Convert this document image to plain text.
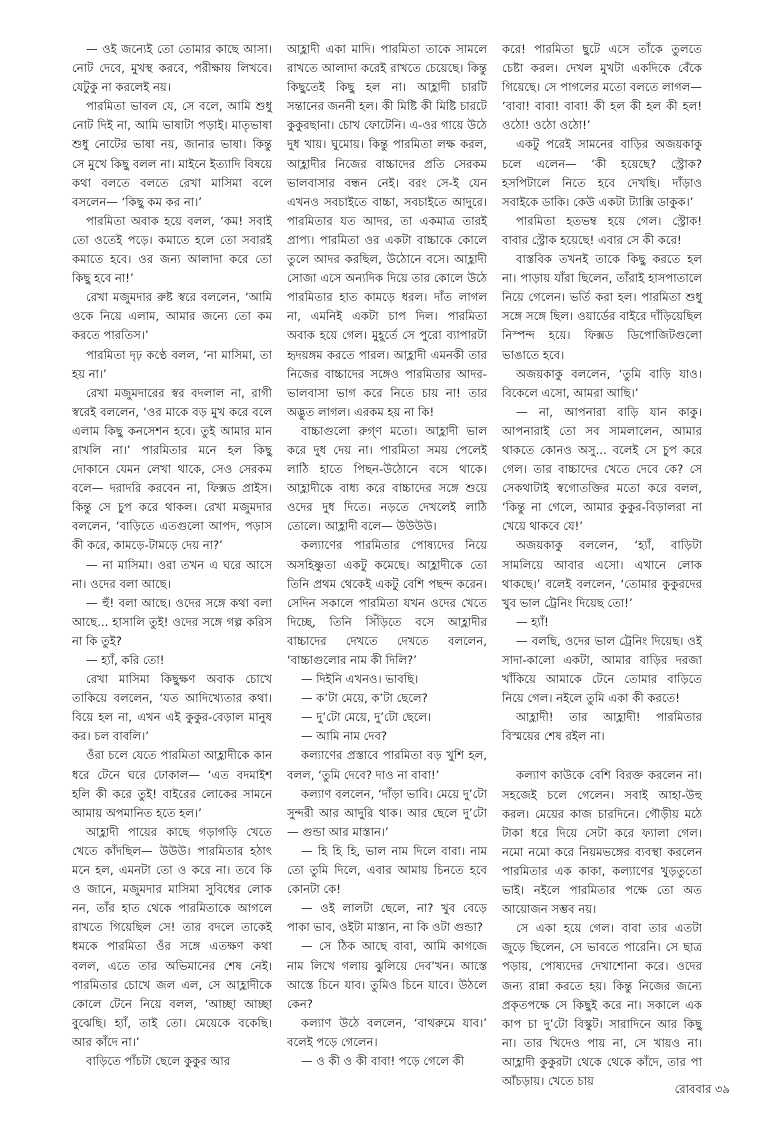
— ওই জন্যেই তো তোমার কাছে আসা। নোট দেবে, মুখস্থ করবে, পরীক্ষায় লিখবে। যেটুকু না করলেই নয়।

পারমিতা ভাবল যে, সে বলে, আমি শুধু নোট দিই না, আমি ভাষাটা পড়াই। মাতৃভাষা শুধু নোটের ভাষা নয়, জানার ভাষা। কিন্তু সে মুখে কিছু বলল না। মাইনে ইত্যাদি বিষয়ে কথা বলতে বলতে রেখা মাসিমা বলে বসলেন— ‘কিছু কম কর না।’

পারমিতা অবাক হয়ে বলল, ‘কম! সবাই তো ওতেই পড়ে। কমাতে হলে তো সবারই কমাতে হবে। ওর জন্য আলাদা করে তো কিছু হবে না!’

রেখা মজুমদার রুষ্ট স্বরে বললেন, ‘আমি ওকে নিয়ে এলাম, আমার জন্যে তো কম করতে পারতিস।’

পারমিতা দৃঢ় কণ্ঠে বলল, ‘না মাসিমা, তা হয় না।’

রেখা মজুমদারের স্বর বদলাল না, রাগী স্বরেই বললেন, ‘ওর মাকে বড় মুখ করে বলে এলাম কিছু কনসেশন হবে। তুই আমার মান রাখলি না।’ পারমিতার মনে হল কিছু দোকানে যেমন লেখা থাকে, সেও সেরকম বলে— দরাদরি করবেন না, ফিক্সড প্রাইস। কিন্তু সে চুপ করে থাকল। রেখা মজুমদার বললেন, ‘বাড়িতে এতগুলো আপদ, পড়াস কী করে, কামড়ে-টামড়ে দেয় না?’

— না মাসিমা। ওরা তখন এ ঘরে আসে না। ওদের বলা আছে।

— হুঁ! বলা আছে। ওদের সঙ্গে কথা বলা আছে... হাসালি তুই! ওদের সঙ্গে গল্প করিস না কি তুই?

— হ্যাঁ, করি তো!

রেখা মাসিমা কিছুক্ষণ অবাক চোখে তাকিয়ে বললেন, ‘যত আদিখ্যেতার কথা। বিয়ে হল না, এখন এই কুকুর-বেড়াল মানুষ কর। চল বাবলি।’

ওঁরা চলে যেতে পারমিতা আহ্লাদীকে কান ধরে টেনে ঘরে ঢোকাল— ‘এত বদমাইশ হলি কী করে তুই! বাইরের লোকের সামনে আমায় অপমানিত হতে হল।’

আহ্লাদী পায়ের কাছে গড়াগড়ি খেতে খেতে কাঁদছিল— উউউ। পারমিতার হঠাৎ মনে হল, এমনটা তো ও করে না। তবে কি ও জানে, মজুমদার মাসিমা সুবিধের লোক নন, তাঁর হাত থেকে পারমিতাকে আগলে রাখতে গিয়েছিল সে! তার বদলে তাকেই ধমকে পারমিতা ওঁর সঙ্গে এতক্ষণ কথা বলল, এতে তার অভিমানের শেষ নেই। পারমিতার চোখে জল এল, সে আহ্লাদীকে কোলে টেনে নিয়ে বলল, ‘আচ্ছা আচ্ছা বুঝেছি। হ্যাঁ, তাই তো। মেয়েকে বকেছি। আর কাঁদে না।’

বাড়িতে পাঁচটা ছেলে কুকুর আর

আহ্লাদী একা মাদি। পারমিতা তাকে সামলে রাখতে আলাদা করেই রাখতে চেয়েছে। কিন্তু কিছুতেই কিছু হল না। আহ্লাদী চারটি সন্তানের জননী হল। কী মিষ্টি কী মিষ্টি চারটে কুকুরছানা। চোখ ফোটেনি। এ-ওর গায়ে উঠে দুধ খায়। ঘুমোয়। কিন্তু পারমিতা লক্ষ করল, আহ্লাদীর নিজের বাচ্চাদের প্রতি সেরকম ভালবাসার বন্ধন নেই। বরং সে-ই যেন এখনও সবচাইতে বাচ্চা, সবচাইতে আদুরে। পারমিতার যত আদর, তা একমাত্র তারই প্রাপ্য। পারমিতা ওর একটা বাচ্চাকে কোলে তুলে আদর করছিল, উঠোনে বসে। আহ্লাদী সোজা এসে অন্যদিক দিয়ে তার কোলে উঠে পারমিতার হাত কামড়ে ধরল। দাঁত লাগল না, এমনিই একটা চাপ দিল। পারমিতা অবাক হয়ে গেল। মুহূর্তে সে পুরো ব্যাপারটা হৃদয়ঙ্গম করতে পারল। আহ্লাদী এমনকী তার নিজের বাচ্চাদের সঙ্গেও পারমিতার আদর-ভালবাসা ভাগ করে নিতে চায় না! তার অদ্ভুত লাগল। এরকম হয় না কি!

বাচ্চাগুলো রুগ্ণ মতো। আহ্লাদী ভাল করে দুধ দেয় না। পারমিতা সময় পেলেই লাঠি হাতে পিছন-উঠোনে বসে থাকে। আহ্লাদীকে বাধ্য করে বাচ্চাদের সঙ্গে শুয়ে ওদের দুধ দিতে। নড়তে দেখলেই লাঠি তোলে। আহ্লাদী বলে— উউউউ।

কল্যাণের পারমিতার পোষ্যদের নিয়ে অসহিষ্ণুতা একটু কমেছে। আহ্লাদীকে তো তিনি প্রথম থেকেই একটু বেশি পছন্দ করেন। সেদিন সকালে পারমিতা যখন ওদের খেতে দিচ্ছে, তিনি সিঁড়িতে বসে আহ্লাদীর বাচ্চাদের দেখতে দেখতে বললেন, ‘বাচ্চাগুলোর নাম কী দিলি?’

— দিইনি এখনও। ভাবছি।

— ক’টা মেয়ে, ক’টা ছেলে?

— দু’টো মেয়ে, দু’টো ছেলে।

— আমি নাম দেব?

কল্যাণের প্রস্তাবে পারমিতা বড় খুশি হল, বলল, ‘তুমি দেবে? দাও না বাবা!’

কল্যাণ বললেন, ‘দাঁড়া ভাবি। মেয়ে দু’টো সুন্দরী আর আদুরি থাক। আর ছেলে দু’টো— গুন্ডা আর মাস্তান।’

— হি হি হি, ভাল নাম দিলে বাবা। নাম তো তুমি দিলে, এবার আমায় চিনতে হবে কোনটা কে!

— ওই লালটা ছেলে, না? খুব বেড়ে পাকা ভাব, ওইটা মাস্তান, না কি ওটা গুন্ডা?

— সে ঠিক আছে বাবা, আমি কাগজে নাম লিখে গলায় ঝুলিয়ে দেব’খন। আস্তে আস্তে চিনে যাব। তুমিও চিনে যাবে। উঠলে কেন?

কল্যাণ উঠে বললেন, ‘বাথরুমে যাব।’ বলেই পড়ে গেলেন।

— ও কী ও কী বাবা! পড়ে গেলে কী

করে! পারমিতা ছুটে এসে তাঁকে তুলতে চেষ্টা করল। দেখল মুখটা একদিকে বেঁকে গিয়েছে। সে পাগলের মতো বলতে লাগল— ‘বাবা! বাবা! বাবা! কী হল কী হল কী হল! ওঠো! ওঠো ওঠো!’

একটু পরেই সামনের বাড়ির অজয়কাকু চলে এলেন— ‘কী হয়েছে? স্ট্রোক? হসপিটালে নিতে হবে দেখছি। দাঁড়াও সবাইকে ডাকি। কেউ একটা ট্যাক্সি ডাকুক।’

পারমিতা হতভম্ব হয়ে গেল। স্ট্রোক! বাবার স্ট্রোক হয়েছে! এবার সে কী করে!

বাস্তবিক তখনই তাকে কিছু করতে হল না। পাড়ায় যাঁরা ছিলেন, তাঁরাই হাসপাতালে নিয়ে গেলেন। ভর্তি করা হল। পারমিতা শুধু সঙ্গে সঙ্গে ছিল। ওয়ার্ডের বাইরে দাঁড়িয়েছিল নিস্পন্দ হয়ে। ফিক্সড ডিপোজিটগুলো ভাঙাতে হবে।

অজয়কাকু বললেন, ‘তুমি বাড়ি যাও। বিকেলে এসো, আমরা আছি।’

— না, আপনারা বাড়ি যান কাকু। আপনারাই তো সব সামলালেন, আমার থাকতে কোনও অসু... বলেই সে চুপ করে গেল। তার বাচ্চাদের খেতে দেবে কে? সে সেকথাটাই স্বগোতক্তির মতো করে বলল, ‘কিন্তু না গেলে, আমার কুকুর-বিড়ালরা না খেয়ে থাকবে যে!’

অজয়কাকু বললেন, ‘হ্যাঁ, বাড়িটা সামলিয়ে আবার এসো। এখানে লোক থাকছে।’ বলেই বললেন, ‘তোমার কুকুরদের খুব ভাল ট্রেনিং দিয়েছ তো!’

— হ্যাঁ!

— বলছি, ওদের ভাল ট্রেনিং দিয়েছ। ওই সাদা-কালো একটা, আমার বাড়ির দরজা খাঁকিয়ে আমাকে টেনে তোমার বাড়িতে নিয়ে গেল। নইলে তুমি একা কী করতে!

আহ্লাদী! তার আহ্লাদী! পারমিতার বিস্ময়ের শেষ রইল না।

কল্যাণ কাউকে বেশি বিরক্ত করলেন না। সহজেই চলে গেলেন। সবাই আহা-উহু করল। মেয়ের কাজ চারদিনে। গৌড়ীয় মঠে টাকা ধরে দিয়ে সেটা করে ফ্যালা গেল। নমো নমো করে নিয়মভঙ্গের ব্যবস্থা করলেন পারমিতার এক কাকা, কল্যাণের খুড়তুতো ভাই। নইলে পারমিতার পক্ষে তো অত আয়োজন সম্ভব নয়।

সে একা হয়ে গেল। বাবা তার এতটা জুড়ে ছিলেন, সে ভাবতে পারেনি। সে ছাত্র পড়ায়, পোষ্যদের দেখাশোনা করে। ওদের জন্য রান্না করতে হয়। কিন্তু নিজের জন্যে প্রকৃতপক্ষে সে কিছুই করে না। সকালে এক কাপ চা দু’টো বিস্কুট। সারাদিনে আর কিছু না। তার খিদেও পায় না, সে খায়ও না। আহ্লাদী কুকুরটা থেকে থেকে কাঁদে, তার পা আঁচড়ায়। খেতে চায়

রোববার ৩৯
